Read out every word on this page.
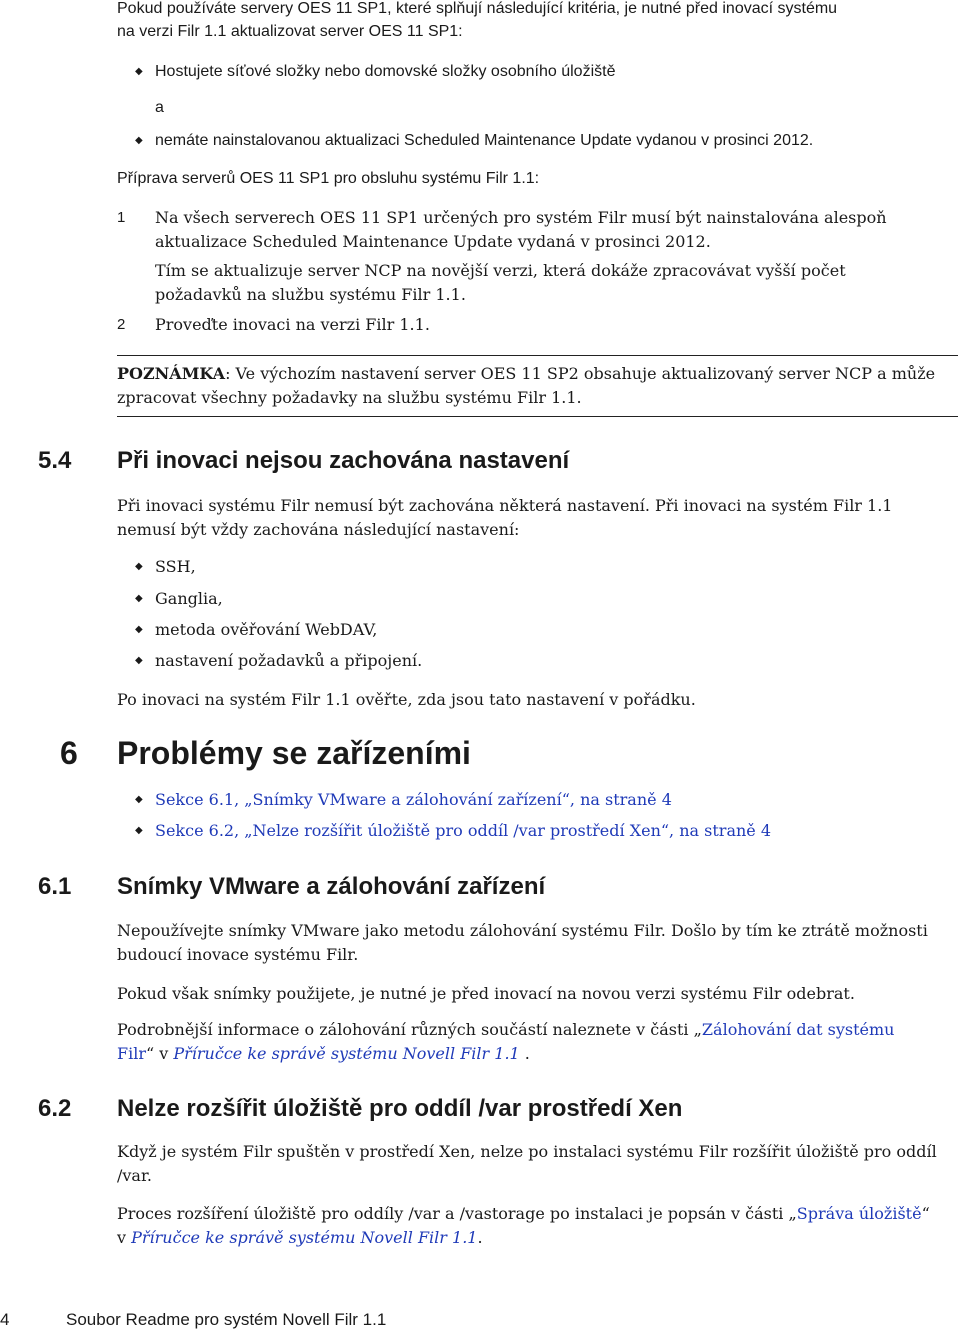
Pokud používáte servery OES 11 SP1, které splňují následující kritéria, je nutné před inovací systému
na verzi Filr 1.1 aktualizovat server OES 11 SP1:
◆ Hostujete síťové složky nebo domovské složky osobního úložiště
a
◆ nemáte nainstalovanou aktualizaci Scheduled Maintenance Update vydanou v prosinci 2012.
Příprava serverů OES 11 SP1 pro obsluhu systému Filr 1.1:
1 Na všech serverech OES 11 SP1 určených pro systém Filr musí být nainstalována alespoň
aktualizace Scheduled Maintenance Update vydaná v prosinci 2012.
Tím se aktualizuje server NCP na novější verzi, která dokáže zpracovávat vyšší počet
požadavků na službu systému Filr 1.1.
2 Proveďte inovaci na verzi Filr 1.1.
POZNÁMKA: Ve výchozím nastavení server OES 11 SP2 obsahuje aktualizovaný server NCP a může
zpracovat všechny požadavky na službu systému Filr 1.1.
5.4 Při inovaci nejsou zachována nastavení
Při inovaci systému Filr nemusí být zachována některá nastavení. Při inovaci na systém Filr 1.1
nemusí být vždy zachována následující nastavení:
◆ SSH,
◆ Ganglia,
◆ metoda ověřování WebDAV,
◆ nastavení požadavků a připojení.
Po inovaci na systém Filr 1.1 ověřte, zda jsou tato nastavení v pořádku.
6 Problémy se zařízeními
◆ Sekce 6.1, „Snímky VMware a zálohování zařízení“, na straně 4
◆ Sekce 6.2, „Nelze rozšířit úložiště pro oddíl /var prostředí Xen“, na straně 4
6.1 Snímky VMware a zálohování zařízení
Nepoužívejte snímky VMware jako metodu zálohování systému Filr. Došlo by tím ke ztrátě možnosti
budoucí inovace systému Filr.
Pokud však snímky použijete, je nutné je před inovací na novou verzi systému Filr odebrat.
Podrobnější informace o zálohování různých součástí naleznete v části „Zálohování dat systému
Filr“ v Příručce ke správě systému Novell Filr 1.1 .
6.2 Nelze rozšířit úložiště pro oddíl /var prostředí Xen
Když je systém Filr spuštěn v prostředí Xen, nelze po instalaci systému Filr rozšířit úložiště pro oddíl
/var.
Proces rozšíření úložiště pro oddíly /var a /vastorage po instalaci je popsán v části „Správa úložiště“
v Příručce ke správě systému Novell Filr 1.1.
4	Soubor Readme pro systém Novell Filr 1.1
